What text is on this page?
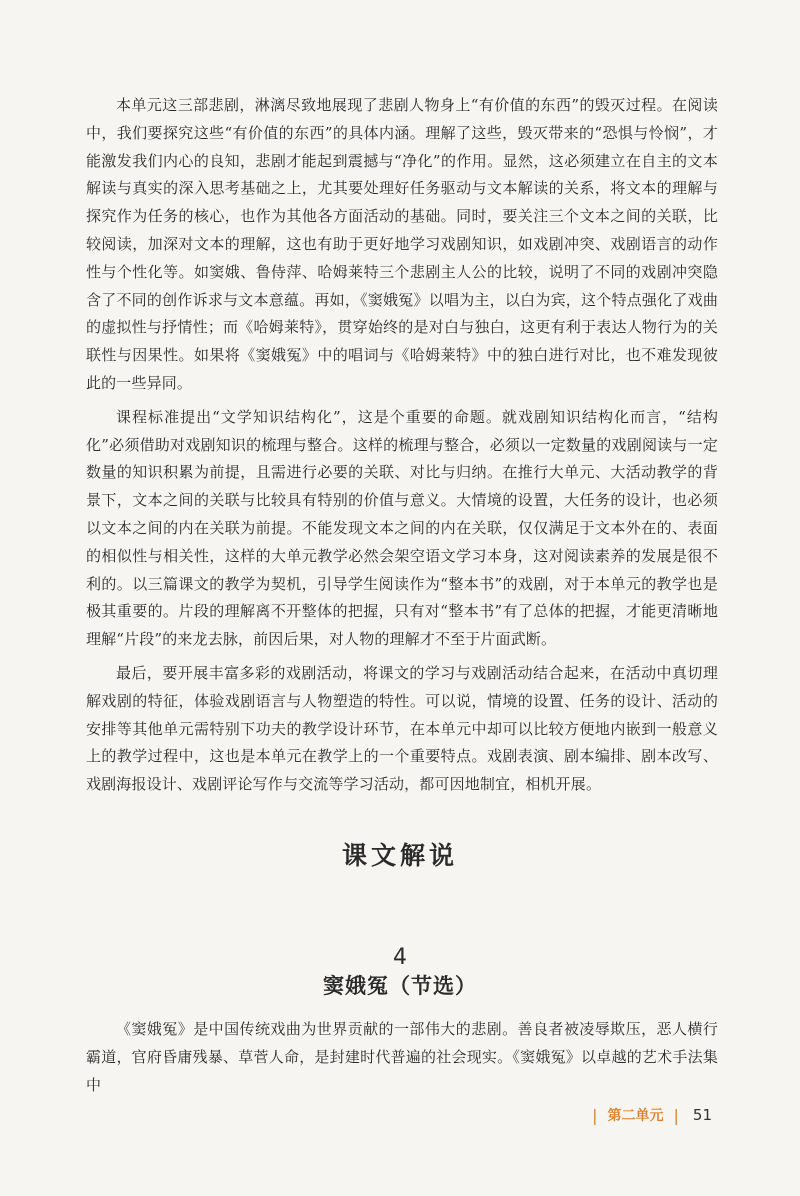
本单元这三部悲剧，淋漓尽致地展现了悲剧人物身上“有价值的东西”的毁灭过程。在阅读中，我们要探究这些“有价值的东西”的具体内涵。理解了这些，毁灭带来的“恐惧与怜悯”，才能激发我们内心的良知，悲剧才能起到震撼与“净化”的作用。显然，这必须建立在自主的文本解读与真实的深入思考基础之上，尤其要处理好任务驱动与文本解读的关系，将文本的理解与探究作为任务的核心，也作为其他各方面活动的基础。同时，要关注三个文本之间的关联，比较阅读，加深对文本的理解，这也有助于更好地学习戏剧知识，如戏剧冲突、戏剧语言的动作性与个性化等。如窦娥、鲁侍萍、哈姆莱特三个悲剧主人公的比较，说明了不同的戏剧冲突隐含了不同的创作诉求与文本意蕴。再如，《窦娥冤》以唱为主，以白为宾，这个特点强化了戏曲的虚拟性与抒情性；而《哈姆莱特》，贯穿始终的是对白与独白，这更有利于表达人物行为的关联性与因果性。如果将《窦娥冤》中的唱词与《哈姆莱特》中的独白进行对比，也不难发现彼此的一些异同。

课程标准提出“文学知识结构化”，这是个重要的命题。就戏剧知识结构化而言，“结构化”必须借助对戏剧知识的梳理与整合。这样的梳理与整合，必须以一定数量的戏剧阅读与一定数量的知识积累为前提，且需进行必要的关联、对比与归纳。在推行大单元、大活动教学的背景下，文本之间的关联与比较具有特别的价值与意义。大情境的设置，大任务的设计，也必须以文本之间的内在关联为前提。不能发现文本之间的内在关联，仅仅满足于文本外在的、表面的相似性与相关性，这样的大单元教学必然会架空语文学习本身，这对阅读素养的发展是很不利的。以三篇课文的教学为契机，引导学生阅读作为“整本书”的戏剧，对于本单元的教学也是极其重要的。片段的理解离不开整体的把握，只有对“整本书”有了总体的把握，才能更清晰地理解“片段”的来龙去脉，前因后果，对人物的理解才不至于片面武断。

最后，要开展丰富多彩的戏剧活动，将课文的学习与戏剧活动结合起来，在活动中真切理解戏剧的特征，体验戏剧语言与人物塑造的特性。可以说，情境的设置、任务的设计、活动的安排等其他单元需特别下功夫的教学设计环节，在本单元中却可以比较方便地内嵌到一般意义上的教学过程中，这也是本单元在教学上的一个重要特点。戏剧表演、剧本编排、剧本改写、戏剧海报设计、戏剧评论写作与交流等学习活动，都可因地制宜，相机开展。

课文解说
4
窦娥冤（节选）

《窦娥冤》是中国传统戏曲为世界贡献的一部伟大的悲剧。善良者被凌辱欺压，恶人横行霸道，官府昏庸残暴、草菅人命，是封建时代普遍的社会现实。《窦娥冤》以卓越的艺术手法集中

| 第二单元 | 51
